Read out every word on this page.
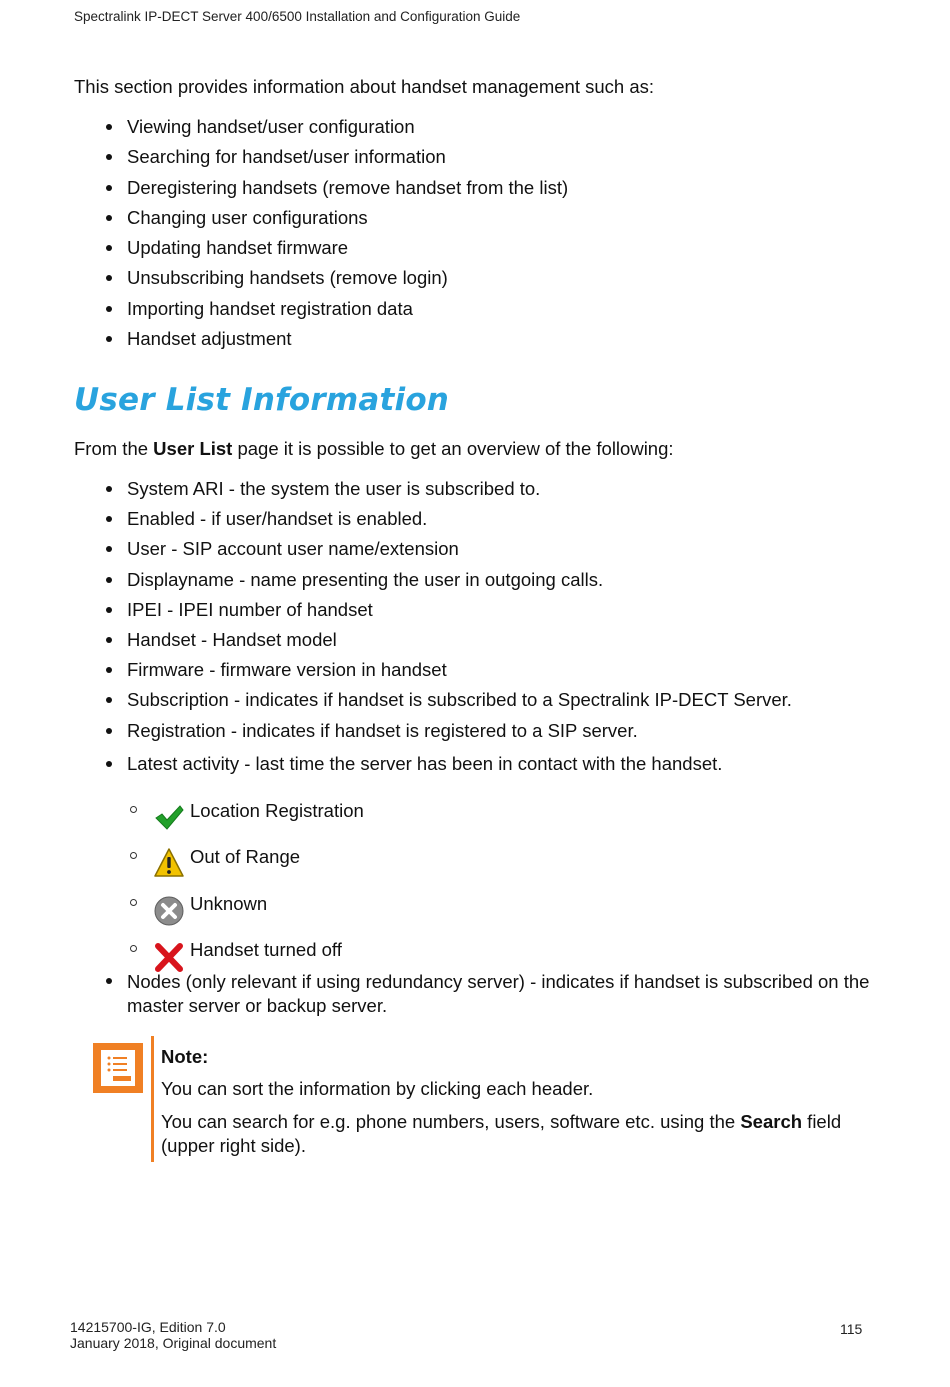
Spectralink IP-DECT Server 400/6500 Installation and Configuration Guide
This section provides information about handset management such as:
Viewing handset/user configuration
Searching for handset/user information
Deregistering handsets (remove handset from the list)
Changing user configurations
Updating handset firmware
Unsubscribing handsets (remove login)
Importing handset registration data
Handset adjustment
User List Information
From the User List page it is possible to get an overview of the following:
System ARI - the system the user is subscribed to.
Enabled - if user/handset is enabled.
User - SIP account user name/extension
Displayname - name presenting the user in outgoing calls.
IPEI - IPEI number of handset
Handset - Handset model
Firmware - firmware version in handset
Subscription - indicates if handset is subscribed to a Spectralink IP-DECT Server.
Registration - indicates if handset is registered to a SIP server.
Latest activity - last time the server has been in contact with the handset.
Location Registration
Out of Range
Unknown
Handset turned off
Nodes (only relevant if using redundancy server) - indicates if handset is subscribed on the master server or backup server.
Note:

You can sort the information by clicking each header.

You can search for e.g. phone numbers, users, software etc. using the Search field (upper right side).

14215700-IG, Edition 7.0
January 2018, Original document
115
